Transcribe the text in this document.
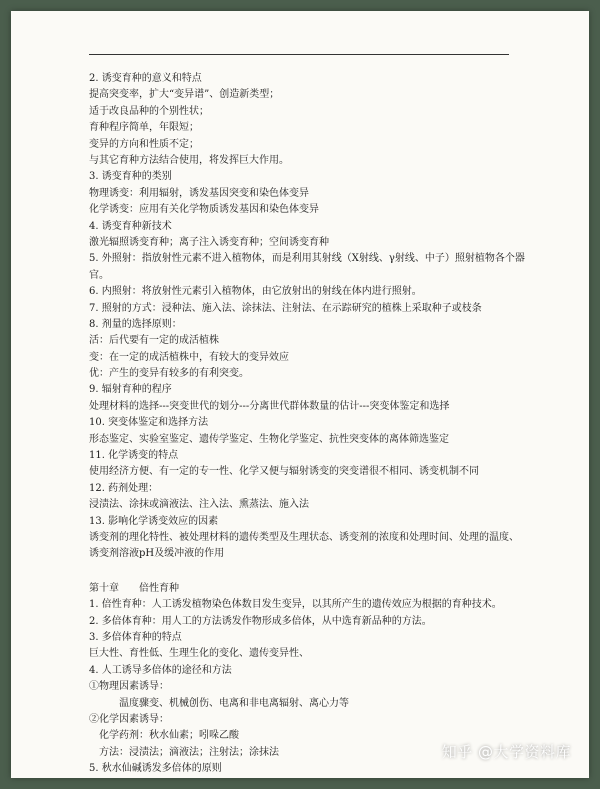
2. 诱变育种的意义和特点
提高突变率，扩大“变异谱”、创造新类型；
适于改良品种的个别性状；
育种程序简单，年限短；
变异的方向和性质不定；
与其它育种方法结合使用，将发挥巨大作用。
3. 诱变育种的类别
物理诱变：利用辐射，诱发基因突变和染色体变异
化学诱变：应用有关化学物质诱发基因和染色体变异
4. 诱变育种新技术
激光辐照诱变育种；离子注入诱变育种；空间诱变育种
5. 外照射：指放射性元素不进入植物体，而是利用其射线（X射线、γ射线、中子）照射植物各个器官。
6. 内照射：将放射性元素引入植物体，由它放射出的射线在体内进行照射。
7. 照射的方式：浸种法、施入法、涂抹法、注射法、在示踪研究的植株上采取种子或枝条
8. 剂量的选择原则：
活：后代要有一定的成活植株
变：在一定的成活植株中，有较大的变异效应
优：产生的变异有较多的有利突变。
9. 辐射育种的程序
处理材料的选择---突变世代的划分---分离世代群体数量的估计---突变体鉴定和选择
10. 突变体鉴定和选择方法
形态鉴定、实验室鉴定、遗传学鉴定、生物化学鉴定、抗性突变体的离体筛选鉴定
11. 化学诱变的特点
使用经济方便、有一定的专一性、化学又便与辐射诱变的突变谱很不相同、诱变机制不同
12. 药剂处理：
浸渍法、涂抹或滴液法、注入法、熏蒸法、施入法
13. 影响化学诱变效应的因素
诱变剂的理化特性、被处理材料的遗传类型及生理状态、诱变剂的浓度和处理时间、处理的温度、诱变剂溶液pH及缓冲液的作用
第十章　　倍性育种
1. 倍性育种：人工诱发植物染色体数目发生变异，以其所产生的遗传效应为根据的育种技术。
2. 多倍体育种：用人工的方法诱发作物形成多倍体，从中选育新品种的方法。
3. 多倍体育种的特点
巨大性、育性低、生理生化的变化、遗传变异性、
4. 人工诱导多倍体的途径和方法
①物理因素诱导：
温度骤变、机械创伤、电离和非电离辐射、离心力等
②化学因素诱导：
化学药剂：秋水仙素；吲哚乙酸
方法：浸渍法；滴液法；注射法；涂抹法
5. 秋水仙碱诱发多倍体的原则
知乎 @大学资料库
